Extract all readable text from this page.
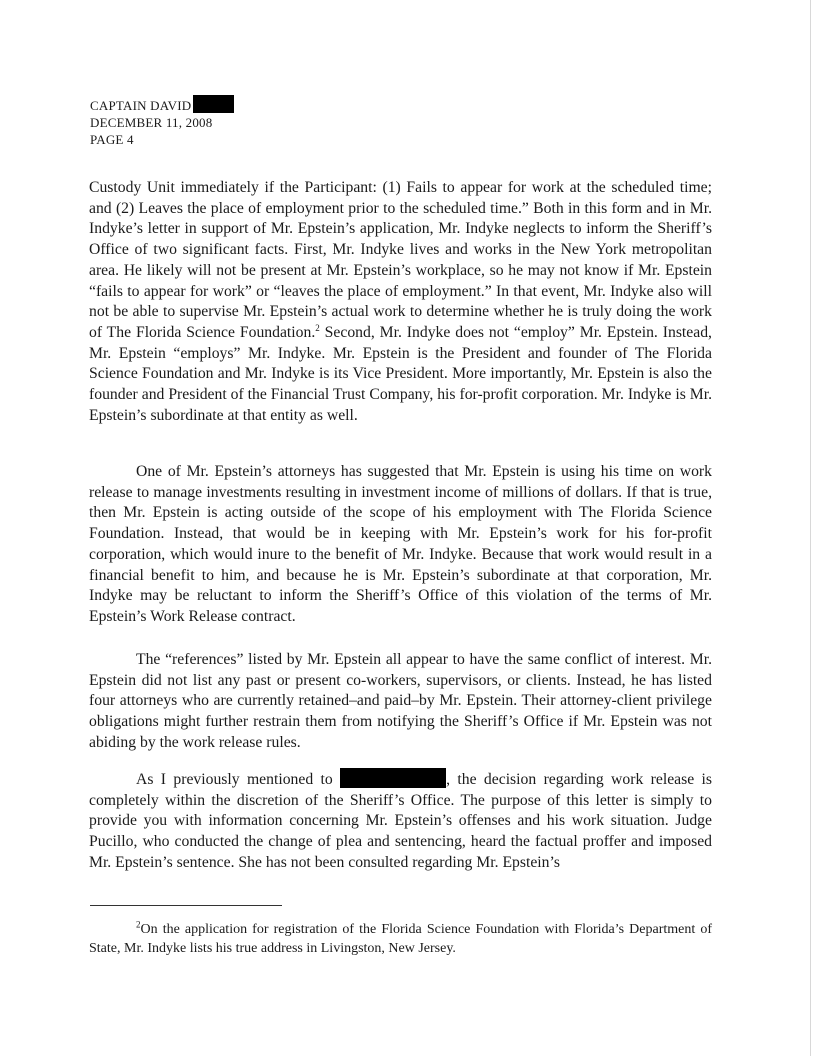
CAPTAIN DAVID
DECEMBER 11, 2008
PAGE 4

Custody Unit immediately if the Participant: (1) Fails to appear for work at the scheduled time; and (2) Leaves the place of employment prior to the scheduled time.” Both in this form and in Mr. Indyke’s letter in support of Mr. Epstein’s application, Mr. Indyke neglects to inform the Sheriff’s Office of two significant facts. First, Mr. Indyke lives and works in the New York metropolitan area. He likely will not be present at Mr. Epstein’s workplace, so he may not know if Mr. Epstein “fails to appear for work” or “leaves the place of employment.” In that event, Mr. Indyke also will not be able to supervise Mr. Epstein’s actual work to determine whether he is truly doing the work of The Florida Science Foundation.$^2$ Second, Mr. Indyke does not “employ” Mr. Epstein. Instead, Mr. Epstein “employs” Mr. Indyke. Mr. Epstein is the President and founder of The Florida Science Foundation and Mr. Indyke is its Vice President. More importantly, Mr. Epstein is also the founder and President of the Financial Trust Company, his for-profit corporation. Mr. Indyke is Mr. Epstein’s subordinate at that entity as well.

One of Mr. Epstein’s attorneys has suggested that Mr. Epstein is using his time on work release to manage investments resulting in investment income of millions of dollars. If that is true, then Mr. Epstein is acting outside of the scope of his employment with The Florida Science Foundation. Instead, that would be in keeping with Mr. Epstein’s work for his for-profit corporation, which would inure to the benefit of Mr. Indyke. Because that work would result in a financial benefit to him, and because he is Mr. Epstein’s subordinate at that corporation, Mr. Indyke may be reluctant to inform the Sheriff’s Office of this violation of the terms of Mr. Epstein’s Work Release contract.

The “references” listed by Mr. Epstein all appear to have the same conflict of interest. Mr. Epstein did not list any past or present co-workers, supervisors, or clients. Instead, he has listed four attorneys who are currently retained–and paid–by Mr. Epstein. Their attorney-client privilege obligations might further restrain them from notifying the Sheriff’s Office if Mr. Epstein was not abiding by the work release rules.

As I previously mentioned to	, the decision regarding work release is completely within the discretion of the Sheriff’s Office. The purpose of this letter is simply to provide you with information concerning Mr. Epstein’s offenses and his work situation. Judge Pucillo, who conducted the change of plea and sentencing, heard the factual proffer and imposed Mr. Epstein’s sentence. She has not been consulted regarding Mr. Epstein’s

$^2$On the application for registration of the Florida Science Foundation with Florida’s Department of State, Mr. Indyke lists his true address in Livingston, New Jersey.
